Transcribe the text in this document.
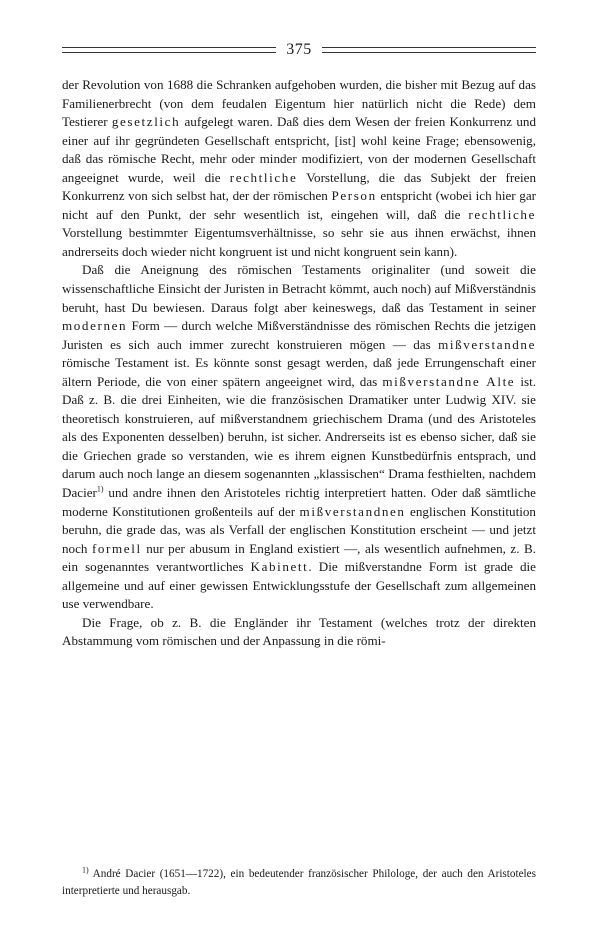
375

der Revolution von 1688 die Schranken aufgehoben wurden, die bisher mit Bezug auf das Familienerbrecht (von dem feudalen Eigentum hier natürlich nicht die Rede) dem Testierer gesetzlich aufgelegt waren. Daß dies dem Wesen der freien Konkurrenz und einer auf ihr gegründeten Gesellschaft entspricht, [ist] wohl keine Frage; ebensowenig, daß das römische Recht, mehr oder minder modifiziert, von der modernen Gesellschaft angeeignet wurde, weil die rechtliche Vorstellung, die das Subjekt der freien Konkurrenz von sich selbst hat, der der römischen Person entspricht (wobei ich hier gar nicht auf den Punkt, der sehr wesentlich ist, eingehen will, daß die rechtliche Vorstellung bestimmter Eigentumsverhältnisse, so sehr sie aus ihnen erwächst, ihnen andrerseits doch wieder nicht kongruent ist und nicht kongruent sein kann).

Daß die Aneignung des römischen Testaments originaliter (und soweit die wissenschaftliche Einsicht der Juristen in Betracht kömmt, auch noch) auf Mißverständnis beruht, hast Du bewiesen. Daraus folgt aber keineswegs, daß das Testament in seiner modernen Form — durch welche Mißverständnisse des römischen Rechts die jetzigen Juristen es sich auch immer zurecht konstruieren mögen — das mißverstandne römische Testament ist. Es könnte sonst gesagt werden, daß jede Errungenschaft einer ältern Periode, die von einer spätern angeeignet wird, das mißverstandne Alte ist. Daß z. B. die drei Einheiten, wie die französischen Dramatiker unter Ludwig XIV. sie theoretisch konstruieren, auf mißverstandnem griechischem Drama (und des Aristoteles als des Exponenten desselben) beruhn, ist sicher. Andrerseits ist es ebenso sicher, daß sie die Griechen grade so verstanden, wie es ihrem eignen Kunstbedürfnis entsprach, und darum auch noch lange an diesem sogenannten „klassischen“ Drama festhielten, nachdem Dacier$^{1)}$ und andre ihnen den Aristoteles richtig interpretiert hatten. Oder daß sämtliche moderne Konstitutionen großenteils auf der mißverstandnen englischen Konstitution beruhn, die grade das, was als Verfall der englischen Konstitution erscheint — und jetzt noch formell nur per abusum in England existiert —, als wesentlich aufnehmen, z. B. ein sogenanntes verantwortliches Kabinett. Die mißverstandne Form ist grade die allgemeine und auf einer gewissen Entwicklungsstufe der Gesellschaft zum allgemeinen use verwendbare.

Die Frage, ob z. B. die Engländer ihr Testament (welches trotz der direkten Abstammung vom römischen und der Anpassung in die römi-

$^{1)}$ André Dacier (1651—1722), ein bedeutender französischer Philologe, der auch den Aristoteles interpretierte und herausgab.
